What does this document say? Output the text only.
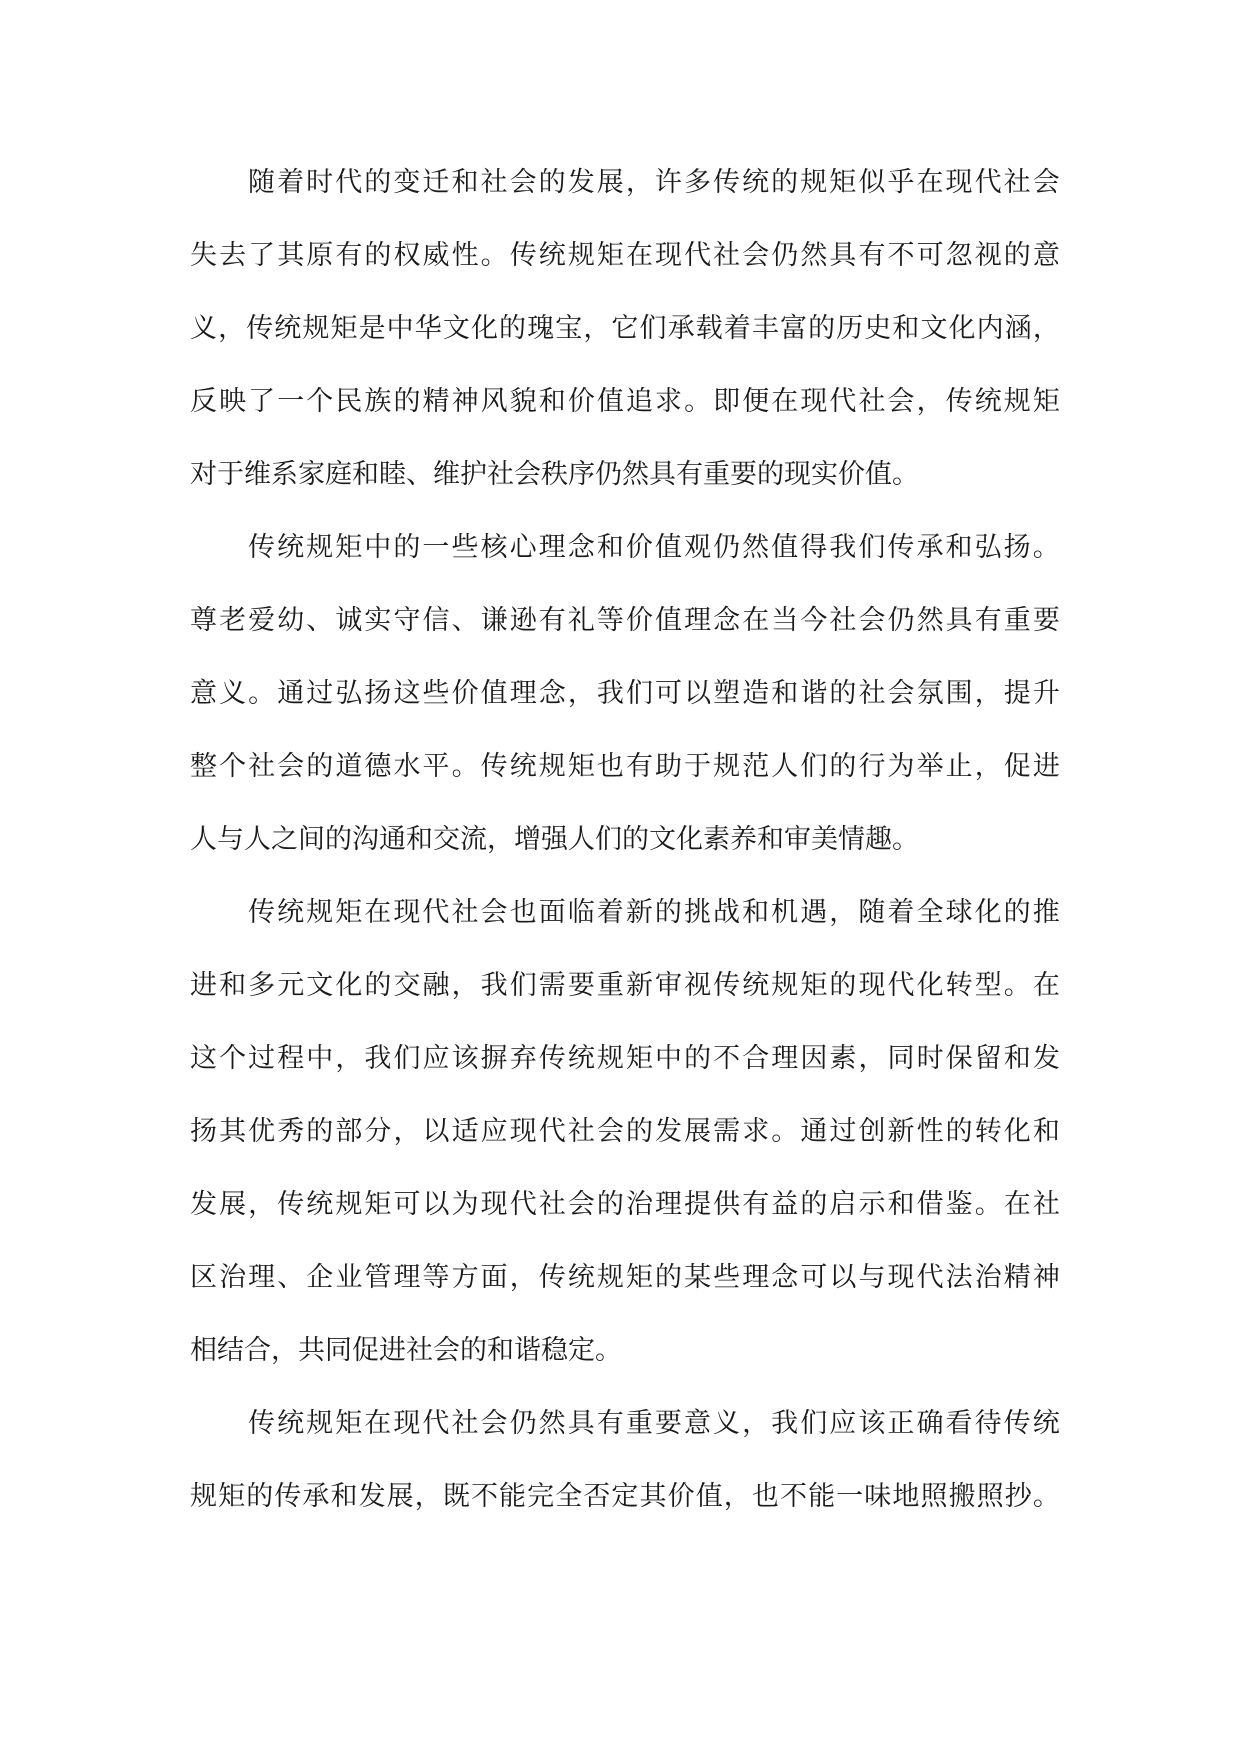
随 着 时 代 的 变 迁 和 社 会 的 发 展 ， 许 多 传 统 的 规 矩 似 乎 在 现 代 社 会
失 去 了 其 原 有 的 权 威 性 。 传 统 规 矩 在 现 代 社 会 仍 然 具 有 不 可 忽 视 的 意
义 ， 传 统 规 矩 是 中 华 文 化 的 瑰 宝 ， 它 们 承 载 着 丰 富 的 历 史 和 文 化 内 涵 ，
反 映 了 一 个 民 族 的 精 神 风 貌 和 价 值 追 求 。 即 便 在 现 代 社 会 ， 传 统 规 矩
对于维系家庭和睦、维护社会秩序仍然具有重要的现实价值。
传 统 规 矩 中 的 一 些 核 心 理 念 和 价 值 观 仍 然 值 得 我 们 传 承 和 弘 扬 。
尊 老 爱 幼 、 诚 实 守 信 、 谦 逊 有 礼 等 价 值 理 念 在 当 今 社 会 仍 然 具 有 重 要
意 义 。 通 过 弘 扬 这 些 价 值 理 念 ， 我 们 可 以 塑 造 和 谐 的 社 会 氛 围 ， 提 升
整 个 社 会 的 道 德 水 平 。 传 统 规 矩 也 有 助 于 规 范 人 们 的 行 为 举 止 ， 促 进
人与人之间的沟通和交流，增强人们的文化素养和审美情趣。
传 统 规 矩 在 现 代 社 会 也 面 临 着 新 的 挑 战 和 机 遇 ， 随 着 全 球 化 的 推
进 和 多 元 文 化 的 交 融 ， 我 们 需 要 重 新 审 视 传 统 规 矩 的 现 代 化 转 型 。 在
这 个 过 程 中 ， 我 们 应 该 摒 弃 传 统 规 矩 中 的 不 合 理 因 素 ， 同 时 保 留 和 发
扬 其 优 秀 的 部 分 ， 以 适 应 现 代 社 会 的 发 展 需 求 。 通 过 创 新 性 的 转 化 和
发 展 ， 传 统 规 矩 可 以 为 现 代 社 会 的 治 理 提 供 有 益 的 启 示 和 借 鉴 。 在 社
区 治 理 、 企 业 管 理 等 方 面 ， 传 统 规 矩 的 某 些 理 念 可 以 与 现 代 法 治 精 神
相结合，共同促进社会的和谐稳定。
传 统 规 矩 在 现 代 社 会 仍 然 具 有 重 要 意 义 ， 我 们 应 该 正 确 看 待 传 统
规 矩 的 传 承 和 发 展 ， 既 不 能 完 全 否 定 其 价 值 ， 也 不 能 一 味 地 照 搬 照 抄 。
